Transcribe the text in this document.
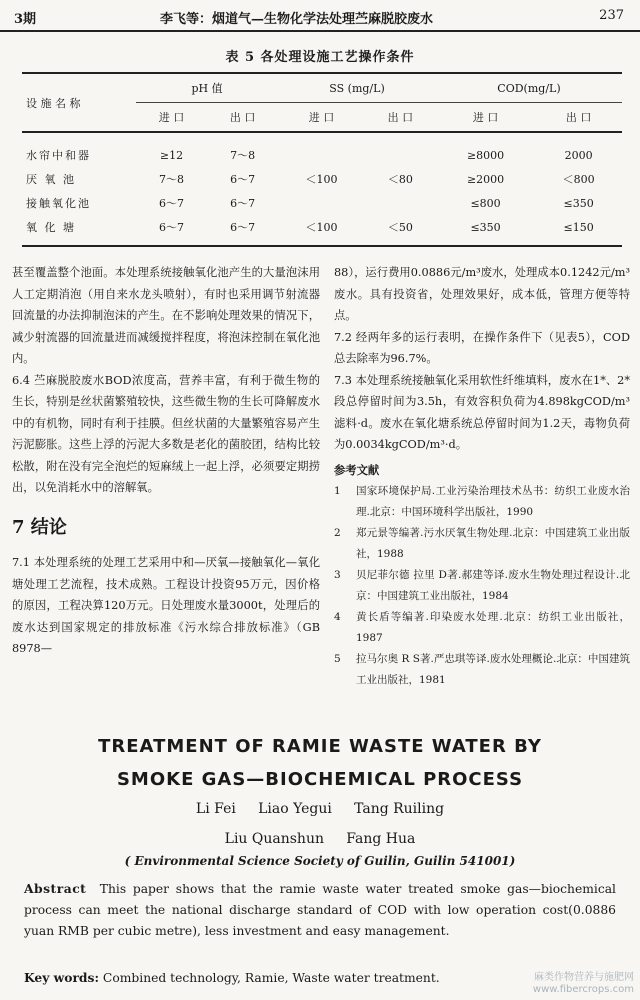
3期	李飞等：烟道气—生物化学法处理苎麻脱胶废水	237
表 5 各处理设施工艺操作条件
设 施 名 称	pH 值		SS (mg/L)		COD(mg/L)	
	进 口	出 口	进 口	出 口	进 口	出 口
水帘中和器	≥12	7～8			≥8000	2000
厌 氧 池	7～8	6～7	＜100	＜80	≥2000	＜800
接触氧化池	6～7	6～7			≤800	≤350
氧 化 塘	6～7	6～7	＜100	＜50	≤350	≤150

甚至覆盖整个池面。本处理系统接触氧化池产生的大量泡沫用人工定期消泡（用自来水龙头喷射），有时也采用调节射流器回流量的办法抑制泡沫的产生。在不影响处理效果的情况下，减少射流器的回流量进而减缓搅拌程度，将泡沫控制在氧化池内。

6.4 苎麻脱胶废水BOD浓度高，营养丰富，有利于微生物的生长，特别是丝状菌繁殖较快，这些微生物的生长可降解废水中的有机物，同时有利于挂膜。但丝状菌的大量繁殖容易产生污泥膨胀。这些上浮的污泥大多数是老化的菌胶团，结构比较松散，附在没有完全泡烂的短麻绒上一起上浮，必须要定期捞出，以免消耗水中的溶解氧。

7 结论

7.1 本处理系统的处理工艺采用中和—厌氧—接触氧化—氧化塘处理工艺流程，技术成熟。工程设计投资95万元，因价格的原因，工程决算120万元。日处理废水量3000t，处理后的废水达到国家规定的排放标准《污水综合排放标准》（GB 8978—

88），运行费用0.0886元/m³废水，处理成本0.1242元/m³废水。具有投资省，处理效果好，成本低，管理方便等特点。

7.2 经两年多的运行表明，在操作条件下（见表5），COD总去除率为96.7%。

7.3 本处理系统接触氧化采用软性纤维填料，废水在1*、2*段总停留时间为3.5h，有效容积负荷为4.898kgCOD/m³滤料·d。废水在氧化塘系统总停留时间为1.2天，毒物负荷为0.0034kgCOD/m³·d。

参考文献
1	国家环境保护局.工业污染治理技术丛书：纺织工业废水治理.北京：中国环境科学出版社，1990
2	郑元景等编著.污水厌氧生物处理.北京：中国建筑工业出版社，1988
3	贝尼菲尔德 拉里 D著.郝建等译.废水生物处理过程设计.北京：中国建筑工业出版社，1984
4	黄长盾等编著.印染废水处理.北京：纺织工业出版社，1987
5	拉马尔奥 R S著.严忠琪等译.废水处理概论.北京：中国建筑工业出版社，1981
TREATMENT OF RAMIE WASTE WATER BY
SMOKE GAS—BIOCHEMICAL PROCESS
Li Fei     Liao Yegui     Tang Ruiling
Liu Quanshun     Fang Hua
( Environmental Science Society of Guilin, Guilin 541001)
Abstract This paper shows that the ramie waste water treated smoke gas—biochemical process can meet the national discharge standard of COD with low operation cost(0.0886 yuan RMB per cubic metre), less investment and easy management.
Key words: Combined technology, Ramie, Waste water treatment.	麻类作物营养与施肥网
www.fibercrops.com
